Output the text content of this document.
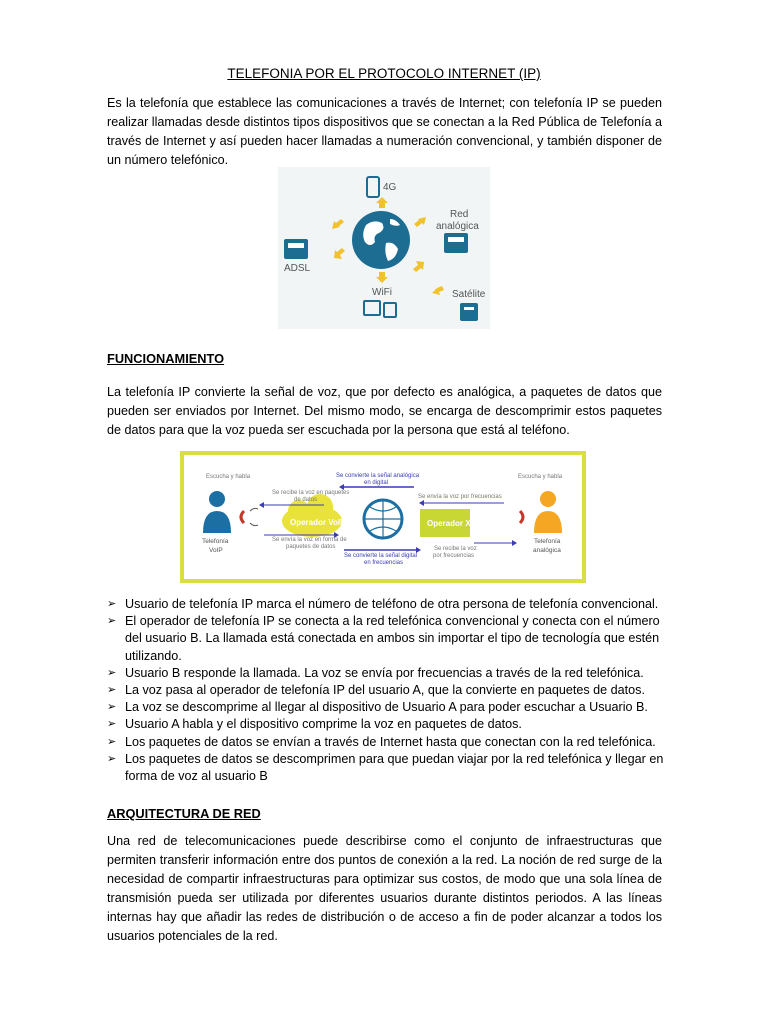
TELEFONIA POR EL PROTOCOLO INTERNET (IP)
Es la telefonía que establece las comunicaciones a través de Internet; con telefonía IP se pueden realizar llamadas desde distintos tipos dispositivos que se conectan a la Red Pública de Telefonía a través de Internet y así pueden hacer llamadas a numeración convencional, y también disponer de un número telefónico.
4G
Red
analógica
ADSL
WiFi	Satélite
FUNCIONAMIENTO
La telefonía IP convierte la señal de voz, que por defecto es analógica, a paquetes de datos que pueden ser enviados por Internet. Del mismo modo, se encarga de descomprimir estos paquetes de datos para que la voz pueda ser escuchada por la persona que está al teléfono.
Escucha y habla
Telefonía
VoIP
Operador VoIP	Operador X
Escucha y habla
Telefonía
analógica
Se convierte la señal analógica
en digital
Se recibe la voz en paquetes
de datos	Se envía la voz por frecuencias
Se envía la voz en forma de
paquetes de datos
Se convierte la señal digital
en frecuencias
Se recibe la voz
por frecuencias
➢ Usuario de telefonía IP marca el número de teléfono de otra persona de telefonía convencional.
➢ El operador de telefonía IP se conecta a la red telefónica convencional y conecta con el número del usuario B. La llamada está conectada en ambos sin importar el tipo de tecnología que estén utilizando.
➢ Usuario B responde la llamada. La voz se envía por frecuencias a través de la red telefónica.
➢ La voz pasa al operador de telefonía IP del usuario A, que la convierte en paquetes de datos.
➢ La voz se descomprime al llegar al dispositivo de Usuario A para poder escuchar a Usuario B.
➢ Usuario A habla y el dispositivo comprime la voz en paquetes de datos.
➢ Los paquetes de datos se envían a través de Internet hasta que conectan con la red telefónica.
➢ Los paquetes de datos se descomprimen para que puedan viajar por la red telefónica y llegar en forma de voz al usuario B
ARQUITECTURA DE RED
Una red de telecomunicaciones puede describirse como el conjunto de infraestructuras que permiten transferir información entre dos puntos de conexión a la red. La noción de red surge de la necesidad de compartir infraestructuras para optimizar sus costos, de modo que una sola línea de transmisión pueda ser utilizada por diferentes usuarios durante distintos periodos. A las líneas internas hay que añadir las redes de distribución o de acceso a fin de poder alcanzar a todos los usuarios potenciales de la red.
